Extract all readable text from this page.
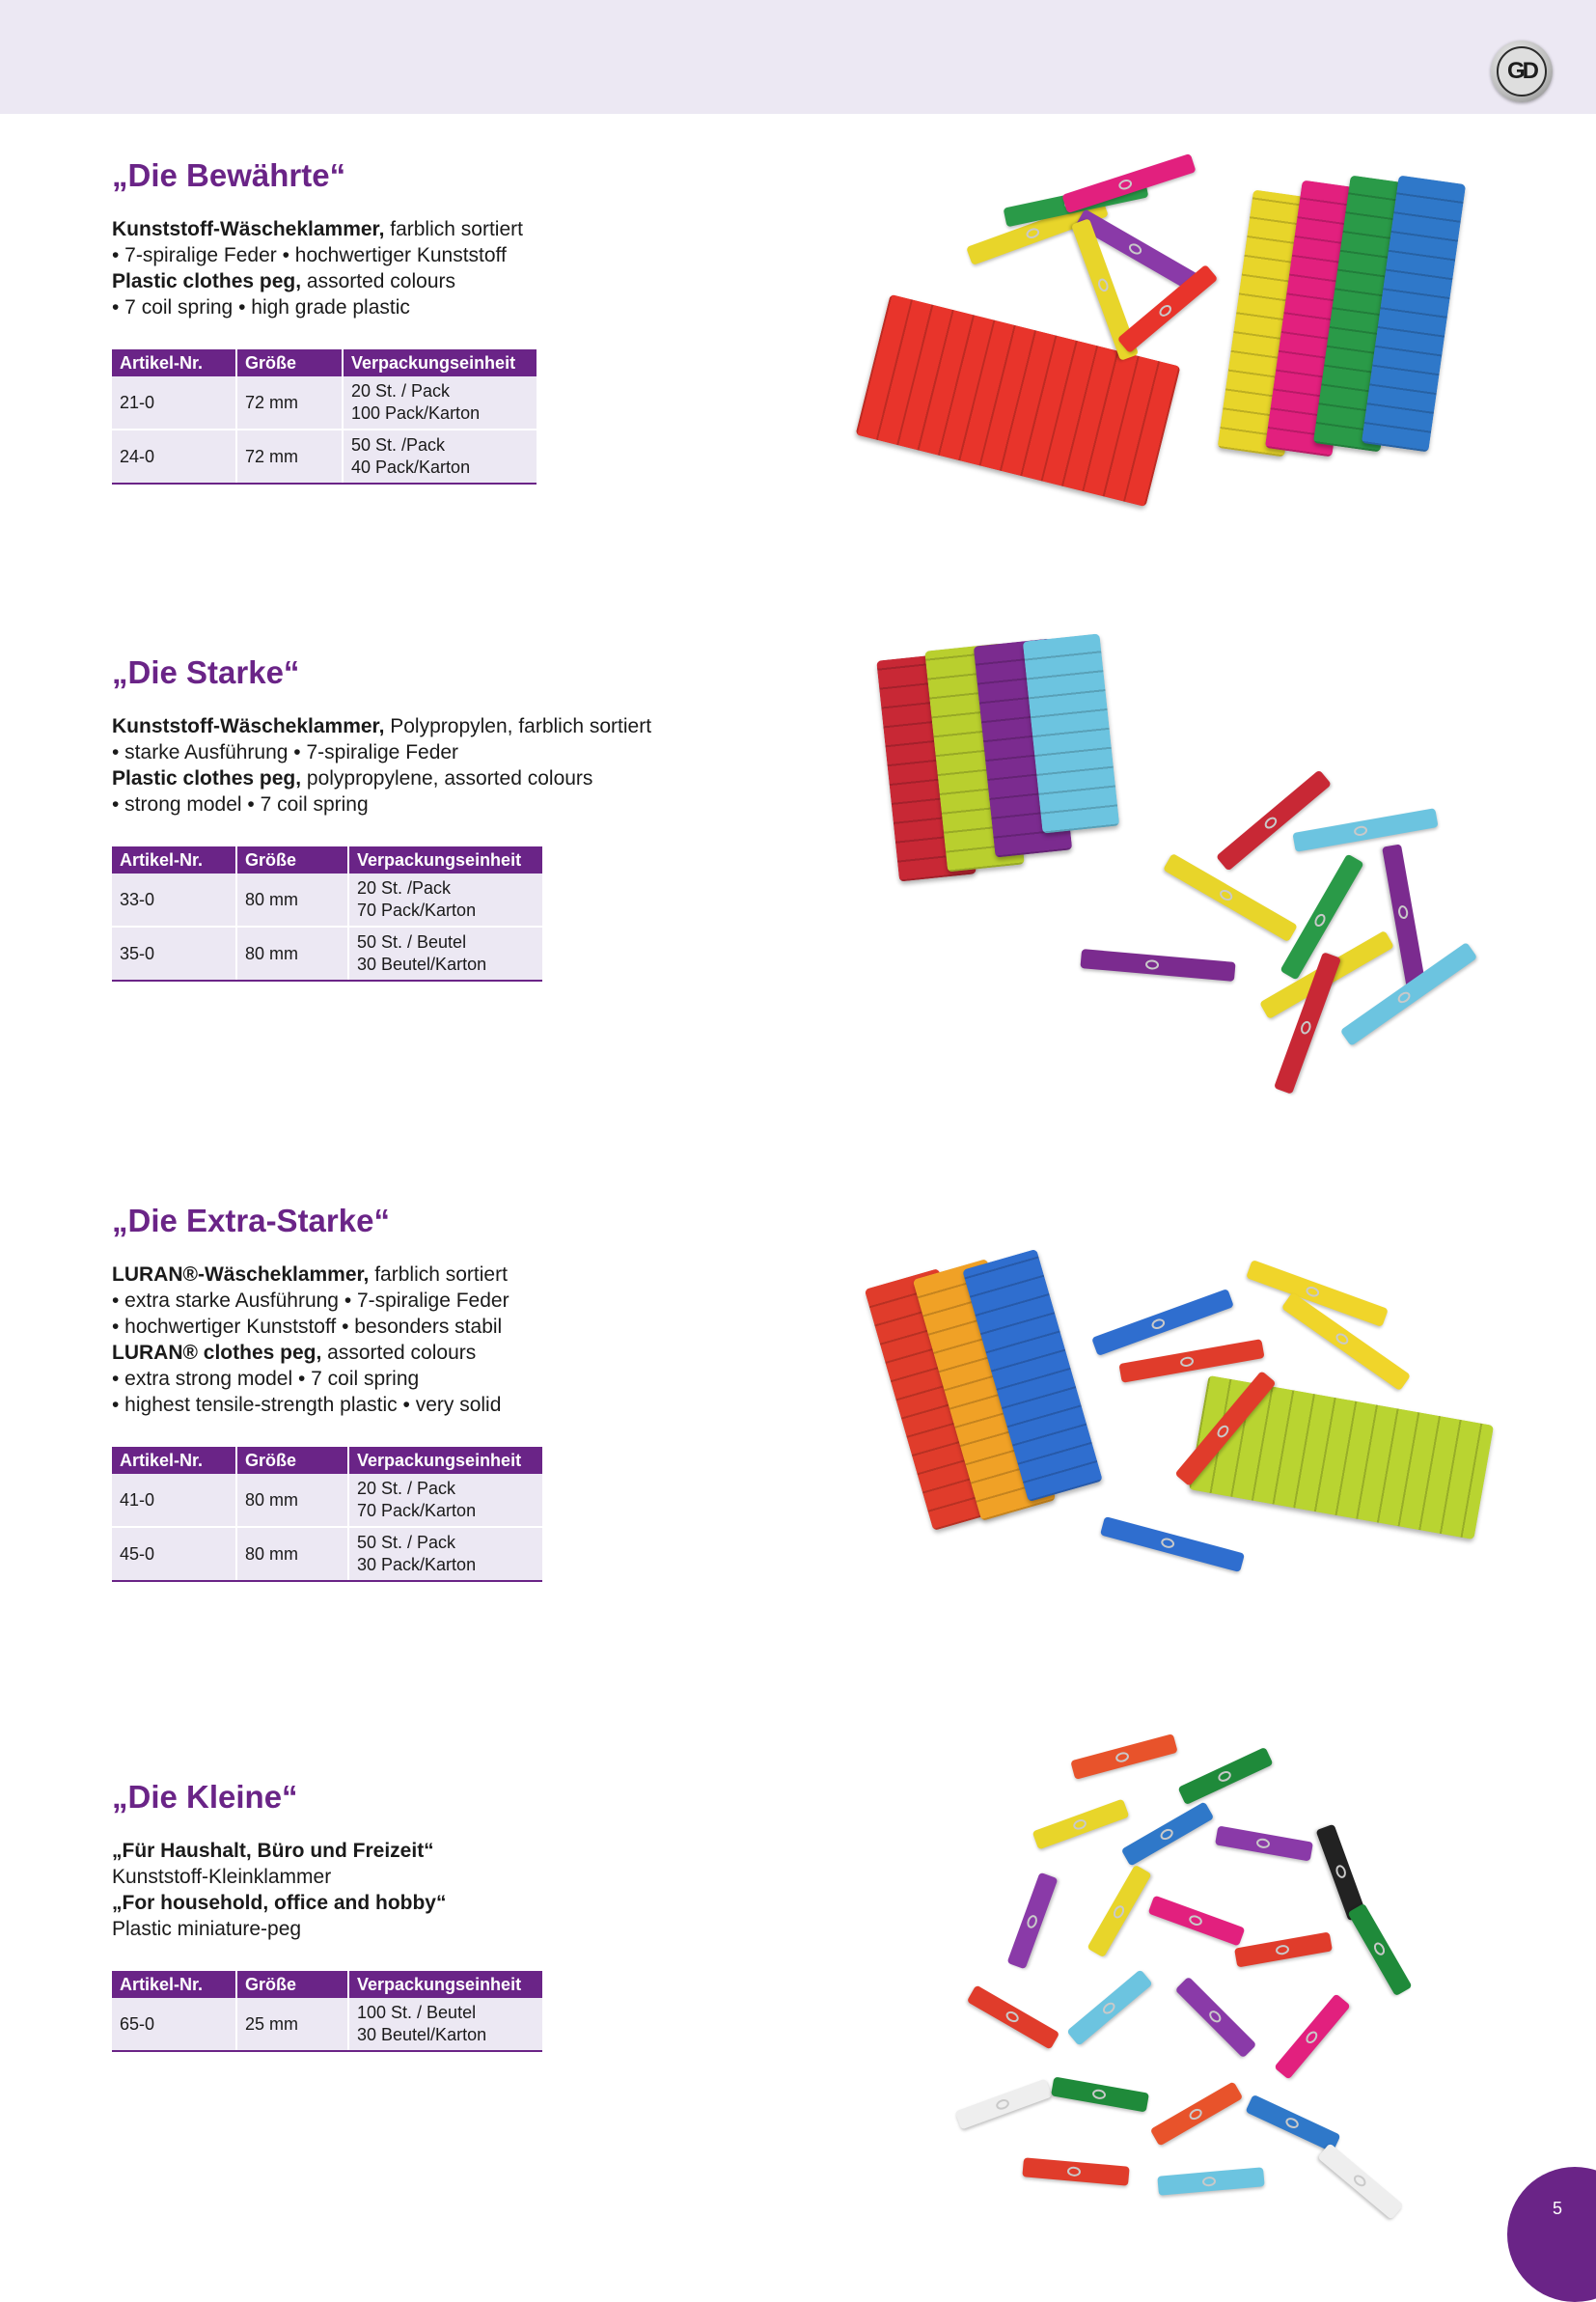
GD
„Die Bewährte“
Kunststoff-Wäscheklammer, farblich sortiert
• 7-spiralige Feder • hochwertiger Kunststoff
Plastic clothes peg, assorted colours
• 7 coil spring • high grade plastic
Artikel-Nr.	Größe	Verpackungseinheit
21-0	72 mm	20 St. / Pack
100 Pack/Karton

24-0	72 mm	50 St. /Pack
40 Pack/Karton
„Die Starke“
Kunststoff-Wäscheklammer, Polypropylen, farblich sortiert
• starke Ausführung • 7-spiralige Feder
Plastic clothes peg, polypropylene, assorted colours
• strong model • 7 coil spring
Artikel-Nr.	Größe	Verpackungseinheit
33-0	80 mm	20 St. /Pack
70 Pack/Karton

35-0	80 mm	50 St. / Beutel
30 Beutel/Karton
„Die Extra-Starke“
LURAN®-Wäscheklammer, farblich sortiert
• extra starke Ausführung • 7-spiralige Feder
• hochwertiger Kunststoff • besonders stabil
LURAN® clothes peg, assorted colours
• extra strong model • 7 coil spring
• highest tensile-strength plastic • very solid
Artikel-Nr.	Größe	Verpackungseinheit
41-0	80 mm	20 St. / Pack
70 Pack/Karton

45-0	80 mm	50 St. / Pack
30 Pack/Karton
„Die Kleine“
„Für Haushalt, Büro und Freizeit“
Kunststoff-Kleinklammer
„For household, office and hobby“
Plastic miniature-peg
Artikel-Nr.	Größe	Verpackungseinheit
65-0	25 mm	100 St. / Beutel
30 Beutel/Karton
5
